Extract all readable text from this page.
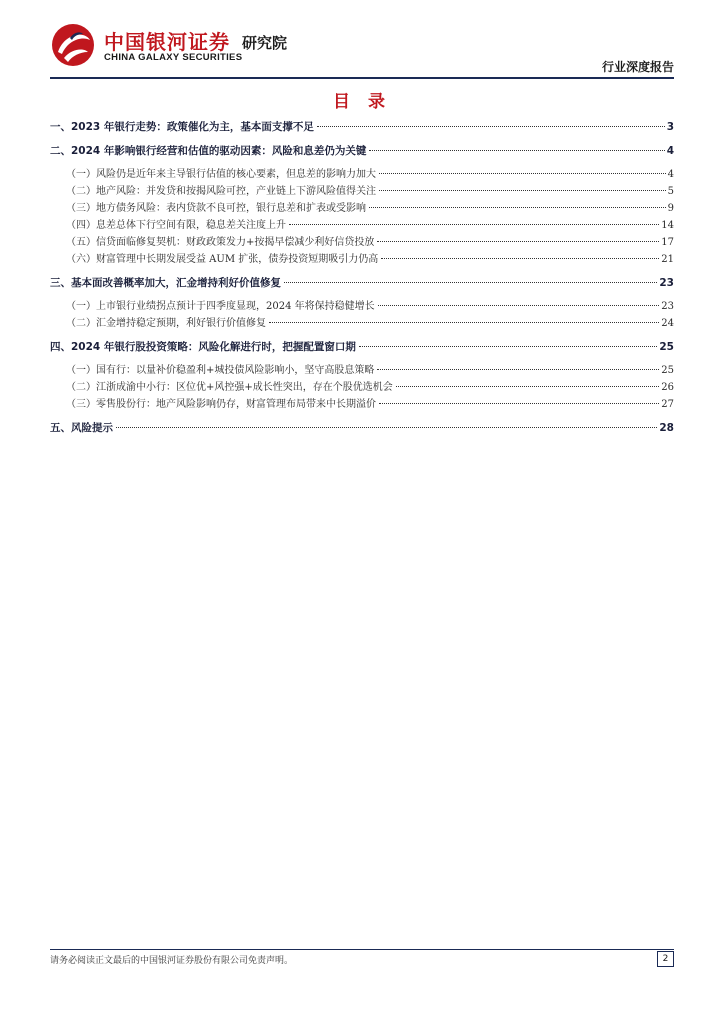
中国银河证券
CHINA GALAXY SECURITIES
研究院
行业深度报告
目 录
一、2023 年银行走势：政策催化为主，基本面支撑不足	3
二、2024 年影响银行经营和估值的驱动因素：风险和息差仍为关键	4
（一）风险仍是近年来主导银行估值的核心要素，但息差的影响力加大	4
（二）地产风险：并发贷和按揭风险可控，产业链上下游风险值得关注	5
（三）地方债务风险：表内贷款不良可控，银行息差和扩表或受影响	9
（四）息差总体下行空间有限，稳息差关注度上升	14
（五）信贷面临修复契机：财政政策发力+按揭早偿减少利好信贷投放	17
（六）财富管理中长期发展受益 AUM 扩张，债券投资短期吸引力仍高	21
三、基本面改善概率加大，汇金增持利好价值修复	23
（一）上市银行业绩拐点预计于四季度显现，2024 年将保持稳健增长	23
（二）汇金增持稳定预期，利好银行价值修复	24
四、2024 年银行股投资策略：风险化解进行时，把握配置窗口期	25
（一）国有行：以量补价稳盈利+城投债风险影响小，坚守高股息策略	25
（二）江浙成渝中小行：区位优+风控强+成长性突出，存在个股优选机会	26
（三）零售股份行：地产风险影响仍存，财富管理布局带来中长期溢价	27
五、风险提示	28
请务必阅读正文最后的中国银河证券股份有限公司免责声明。	2
